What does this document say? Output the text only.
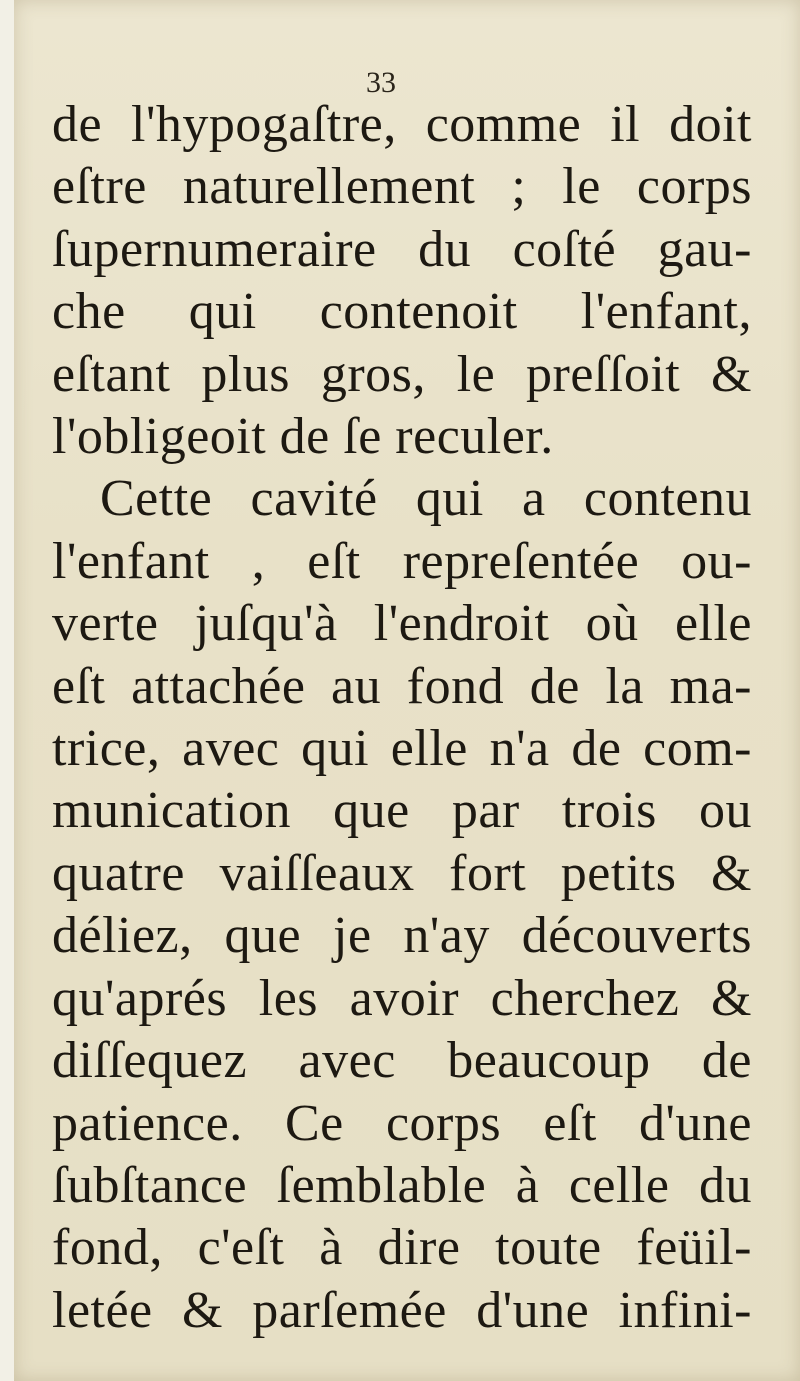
33
de l'hypogaſtre, comme il doit
eſtre naturellement ; le corps
ſupernumeraire du coſté gau-
che qui contenoit l'enfant,
eſtant plus gros, le preſſoit &
l'obligeoit de ſe reculer.
Cette cavité qui a contenu
l'enfant , eſt repreſentée ou-
verte juſqu'à l'endroit où elle
eſt attachée au fond de la ma-
trice, avec qui elle n'a de com-
munication que par trois ou
quatre vaiſſeaux fort petits &
déliez, que je n'ay découverts
qu'aprés les avoir cherchez &
diſſequez avec beaucoup de
patience. Ce corps eſt d'une
ſubſtance ſemblable à celle du
fond, c'eſt à dire toute feüil-
letée & parſemée d'une infini-
